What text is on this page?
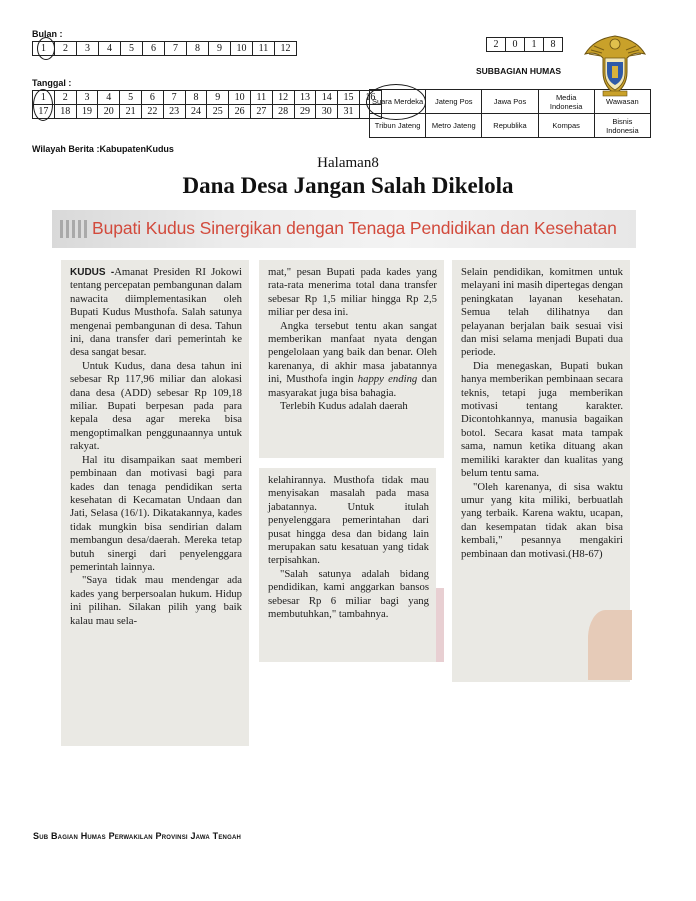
Bulan :
1	2	3	4	5	6	7	8	9	10	11	12
Tanggal :
1	2	3	4	5	6	7	8	9	10	11	12	13	14	15	16
17	18	19	20	21	22	23	24	25	26	27	28	29	30	31	
Wilayah Berita :KabupatenKudus
2	0	1	8
SUBBAGIAN HUMAS
Suara Merdeka	Jateng Pos	Jawa Pos	Media Indonesia	Wawasan
Tribun Jateng	Metro Jateng	Republika	Kompas	Bisnis Indonesia
Halaman8
Dana Desa Jangan Salah Dikelola
Bupati Kudus Sinergikan dengan Tenaga Pendidikan dan Kesehatan

KUDUS -Amanat Presiden RI Jokowi tentang percepatan pembangunan dalam nawacita diimplementasikan oleh Bupati Kudus Musthofa. Salah satunya mengenai pembangunan di desa. Tahun ini, dana transfer dari pemerintah ke desa sangat besar.

Untuk Kudus, dana desa tahun ini sebesar Rp 117,96 miliar dan alokasi dana desa (ADD) sebesar Rp 109,18 miliar. Bupati berpesan pada para kepala desa agar mereka bisa mengoptimalkan penggunaannya untuk rakyat.

Hal itu disampaikan saat memberi pembinaan dan motivasi bagi para kades dan tenaga pendidikan serta kesehatan di Kecamatan Undaan dan Jati, Selasa (16/1). Dikatakannya, kades tidak mungkin bisa sendirian dalam membangun desa/daerah. Mereka tetap butuh sinergi dari penyelenggara pemerintah lainnya.

"Saya tidak mau mendengar ada kades yang berpersoalan hukum. Hidup ini pilihan. Silakan pilih yang baik kalau mau sela-

mat," pesan Bupati pada kades yang rata-rata menerima total dana transfer sebesar Rp 1,5 miliar hingga Rp 2,5 miliar per desa ini.

Angka tersebut tentu akan sangat memberikan manfaat nyata dengan pengelolaan yang baik dan benar. Oleh karenanya, di akhir masa jabatannya ini, Musthofa ingin happy ending dan masyarakat juga bisa bahagia.

Terlebih Kudus adalah daerah

kelahirannya. Musthofa tidak mau menyisakan masalah pada masa jabatannya. Untuk itulah penyelenggara pemerintahan dari pusat hingga desa dan bidang lain merupakan satu kesatuan yang tidak terpisahkan.

"Salah satunya adalah bidang pendidikan, kami anggarkan bansos sebesar Rp 6 miliar bagi yang membutuhkan," tambahnya.

Selain pendidikan, komitmen untuk melayani ini masih dipertegas dengan peningkatan layanan kesehatan. Semua telah dilihatnya dan pelayanan berjalan baik sesuai visi dan misi selama menjadi Bupati dua periode.

Dia menegaskan, Bupati bukan hanya memberikan pembinaan secara teknis, tetapi juga memberikan motivasi tentang karakter. Dicontohkannya, manusia bagaikan botol. Secara kasat mata tampak sama, namun ketika dituang akan memiliki karakter dan kualitas yang belum tentu sama.

"Oleh karenanya, di sisa waktu umur yang kita miliki, berbuatlah yang terbaik. Karena waktu, ucapan, dan kesempatan tidak akan bisa kembali," pesannya mengakiri pembinaan dan motivasi.(H8-67)

Sub Bagian Humas Perwakilan Provinsi Jawa Tengah
